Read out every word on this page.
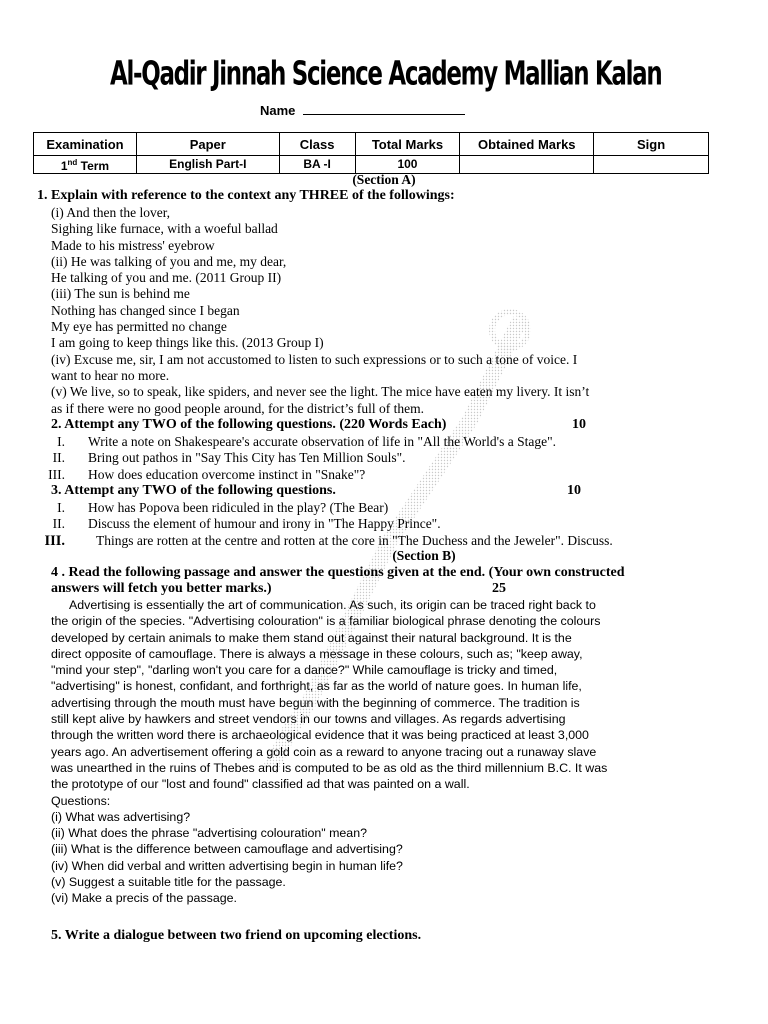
Al-Qadir Jinnah Science Academy Mallian Kalan
Name
Examination	Paper	Class	Total Marks	Obtained Marks	Sign
1nd Term	English Part-I	BA -I	100		
(Section A)
1. Explain with reference to the context any THREE of the followings:
(i) And then the lover,
Sighing like furnace, with a woeful ballad
Made to his mistress' eyebrow
(ii) He was talking of you and me, my dear,
He talking of you and me. (2011 Group II)
(iii) The sun is behind me
Nothing has changed since I began
My eye has permitted no change
I am going to keep things like this. (2013 Group I)
(iv) Excuse me, sir, I am not accustomed to listen to such expressions or to such a tone of voice. I
want to hear no more.
(v) We live, so to speak, like spiders, and never see the light. The mice have eaten my livery. It isn’t
as if there were no good people around, for the district’s full of them.
2. Attempt any TWO of the following questions. (220 Words Each)	10
I. Write a note on Shakespeare's accurate observation of life in "All the World's a Stage".
II. Bring out pathos in "Say This City has Ten Million Souls".
III. How does education overcome instinct in "Snake"?
3. Attempt any TWO of the following questions.	10
I. How has Popova been ridiculed in the play? (The Bear)
II. Discuss the element of humour and irony in "The Happy Prince".
III. Things are rotten at the centre and rotten at the core in "The Duchess and the Jeweler". Discuss.
(Section B)
4 . Read the following passage and answer the questions given at the end. (Your own constructed
answers will fetch you better marks.)	25
Advertising is essentially the art of communication. As such, its origin can be traced right back to
the origin of the species. "Advertising colouration" is a familiar biological phrase denoting the colours
developed by certain animals to make them stand out against their natural background. It is the
direct opposite of camouflage. There is always a message in these colours, such as; "keep away,
"mind your step", "darling won't you care for a dance?" While camouflage is tricky and timed,
"advertising" is honest, confidant, and forthright, as far as the world of nature goes. In human life,
advertising through the mouth must have begun with the beginning of commerce. The tradition is
still kept alive by hawkers and street vendors in our towns and villages. As regards advertising
through the written word there is archaeological evidence that it was being practiced at least 3,000
years ago. An advertisement offering a gold coin as a reward to anyone tracing out a runaway slave
was unearthed in the ruins of Thebes and is computed to be as old as the third millennium B.C. It was
the prototype of our "lost and found" classified ad that was painted on a wall.
Questions:
(i) What was advertising?
(ii) What does the phrase "advertising colouration" mean?
(iii) What is the difference between camouflage and advertising?
(iv) When did verbal and written advertising begin in human life?
(v) Suggest a suitable title for the passage.
(vi) Make a precis of the passage.
5. Write a dialogue between two friend on upcoming elections.
